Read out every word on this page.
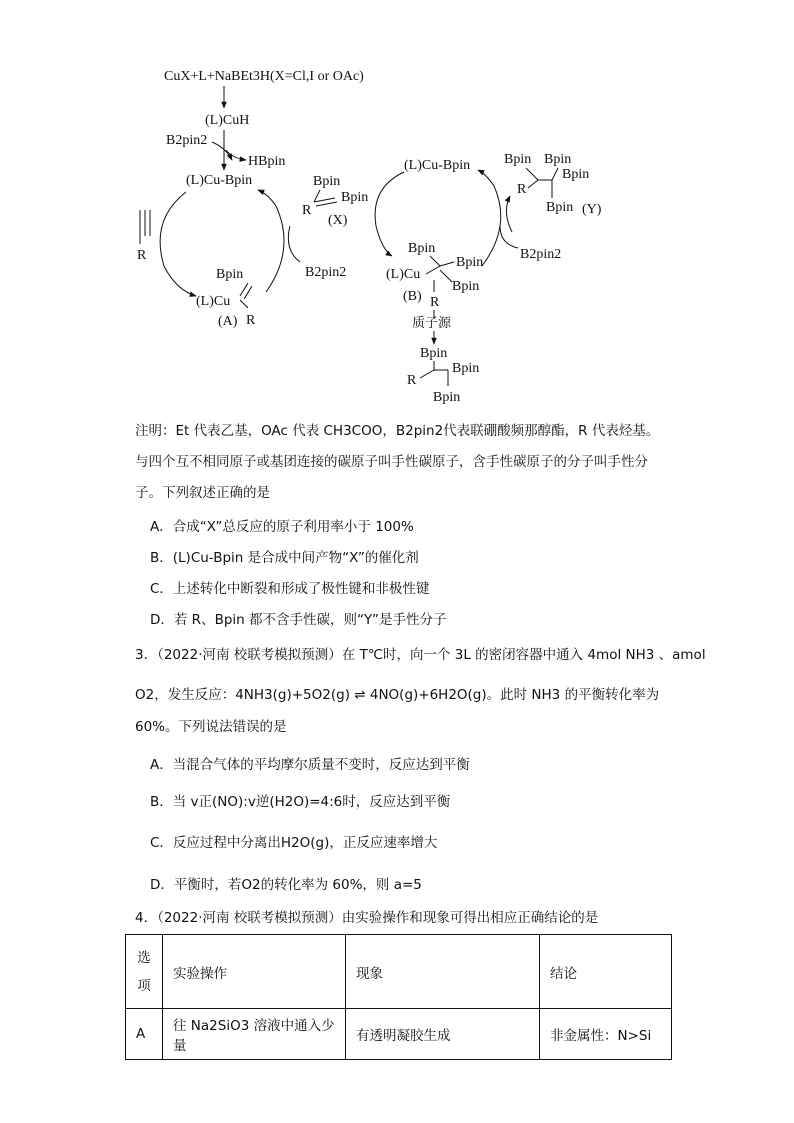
CuX+L+NaBEt3H(X=Cl,I or OAc)
(L)CuH
B2pin2
HBpin
(L)Cu-Bpin
R
Bpin
(L)Cu
(A) R
B2pin2
Bpin
Bpin
R
(X)
(L)Cu-Bpin
Bpin
Bpin
(L)Cu
Bpin
(B) R
Bpin Bpin
Bpin
R
Bpin (Y)
B2pin2
质子源
Bpin
Bpin
R
Bpin
注明：Et 代表乙基，OAc 代表 CH3COO，B2pin2代表联硼酸频那醇酯，R 代表烃基。
与四个互不相同原子或基团连接的碳原子叫手性碳原子，含手性碳原子的分子叫手性分
子。下列叙述正确的是
A．合成“X”总反应的原子利用率小于 100%
B．(L)Cu-Bpin 是合成中间产物“X”的催化剂
C．上述转化中断裂和形成了极性键和非极性键
D．若 R、Bpin 都不含手性碳，则“Y”是手性分子
3．（2022·河南 校联考模拟预测）在 T℃时，向一个 3L 的密闭容器中通入 4mol NH3 、amol
O2，发生反应：4NH3(g)+5O2(g) ⇌ 4NO(g)+6H2O(g)。此时 NH3 的平衡转化率为
60%。下列说法错误的是
A．当混合气体的平均摩尔质量不变时，反应达到平衡
B．当 v正(NO):v逆(H2O)=4:6时，反应达到平衡
C．反应过程中分离出H2O(g)，正反应速率增大
D．平衡时，若O2的转化率为 60%，则 a=5
4．（2022·河南 校联考模拟预测）由实验操作和现象可得出相应正确结论的是
选项	实验操作	现象	结论
A	往 Na2SiO3 溶液中通入少量	有透明凝胶生成	非金属性：N>Si
